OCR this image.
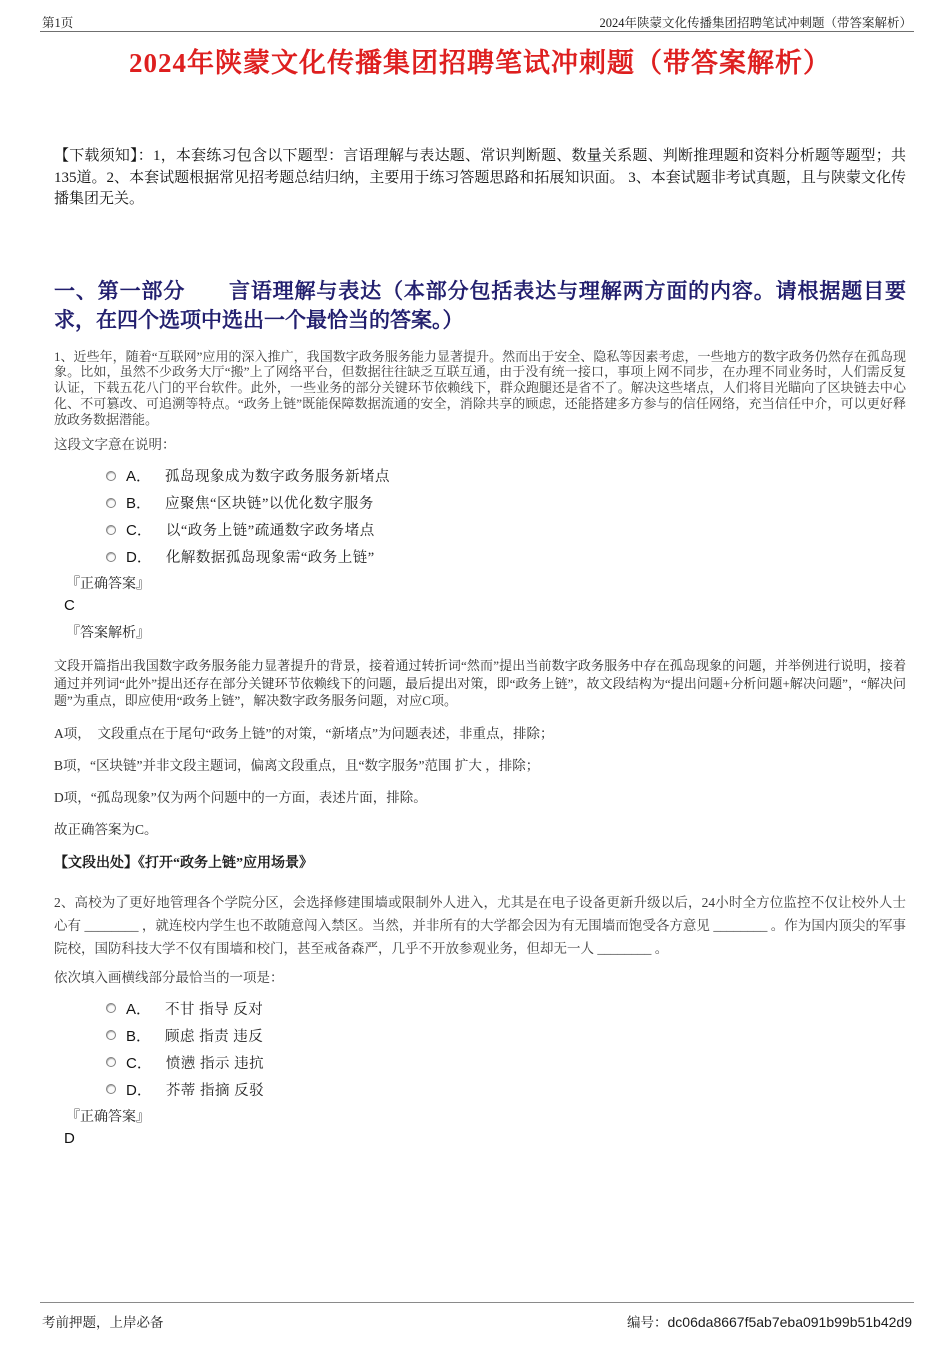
第1页	2024年陕蒙文化传播集团招聘笔试冲刺题（带答案解析）
2024年陕蒙文化传播集团招聘笔试冲刺题（带答案解析）

【下载须知】：1，本套练习包含以下题型：言语理解与表达题、常识判断题、数量关系题、判断推理题和资料分析题等题型；共135道。2、本套试题根据常见招考题总结归纳，主要用于练习答题思路和拓展知识面。 3、本套试题非考试真题，且与陕蒙文化传播集团无关。

一、第一部分　　言语理解与表达（本部分包括表达与理解两方面的内容。请根据题目要求，在四个选项中选出一个最恰当的答案。）

1、近些年，随着“互联网”应用的深入推广，我国数字政务服务能力显著提升。然而出于安全、隐私等因素考虑，一些地方的数字政务仍然存在孤岛现象。比如，虽然不少政务大厅“搬”上了网络平台，但数据往往缺乏互联互通，由于没有统一接口，事项上网不同步，在办理不同业务时，人们需反复认证，下载五花八门的平台软件。此外，一些业务的部分关键环节依赖线下，群众跑腿还是省不了。解决这些堵点，人们将目光瞄向了区块链去中心化、不可篡改、可追溯等特点。“政务上链”既能保障数据流通的安全，消除共享的顾虑，还能搭建多方参与的信任网络，充当信任中介，可以更好释放政务数据潜能。

这段文字意在说明：

A． 孤岛现象成为数字政务服务新堵点
B． 应聚焦“区块链”以优化数字服务
C． 以“政务上链”疏通数字政务堵点
D． 化解数据孤岛现象需“政务上链”
『正确答案』
C
『答案解析』

文段开篇指出我国数字政务服务能力显著提升的背景，接着通过转折词“然而”提出当前数字政务服务中存在孤岛现象的问题，并举例进行说明，接着通过并列词“此外”提出还存在部分关键环节依赖线下的问题，最后提出对策，即“政务上链”，故文段结构为“提出问题+分析问题+解决问题”，“解决问题”为重点，即应使用“政务上链”，解决数字政务服务问题，对应C项。

A项，　文段重点在于尾句“政务上链”的对策，“新堵点”为问题表述，非重点，排除；

B项，“区块链”并非文段主题词，偏离文段重点，且“数字服务”范围 扩大 ，排除；

D项，“孤岛现象”仅为两个问题中的一方面，表述片面，排除。

故正确答案为C。

【文段出处】《打开“政务上链”应用场景》

2、高校为了更好地管理各个学院分区，会选择修建围墙或限制外人进入，尤其是在电子设备更新升级以后，24小时全方位监控不仅让校外人士心有 ________ ，就连校内学生也不敢随意闯入禁区。当然，并非所有的大学都会因为有无围墙而饱受各方意见 ________ 。作为国内顶尖的军事院校，国防科技大学不仅有围墙和校门，甚至戒备森严，几乎不开放参观业务，但却无一人 ________ 。

依次填入画横线部分最恰当的一项是：

A． 不甘 指导 反对
B． 顾虑 指责 违反
C． 愤懑 指示 违抗
D． 芥蒂 指摘 反驳
『正确答案』
D
考前押题，上岸必备	编号：dc06da8667f5ab7eba091b99b51b42d9
